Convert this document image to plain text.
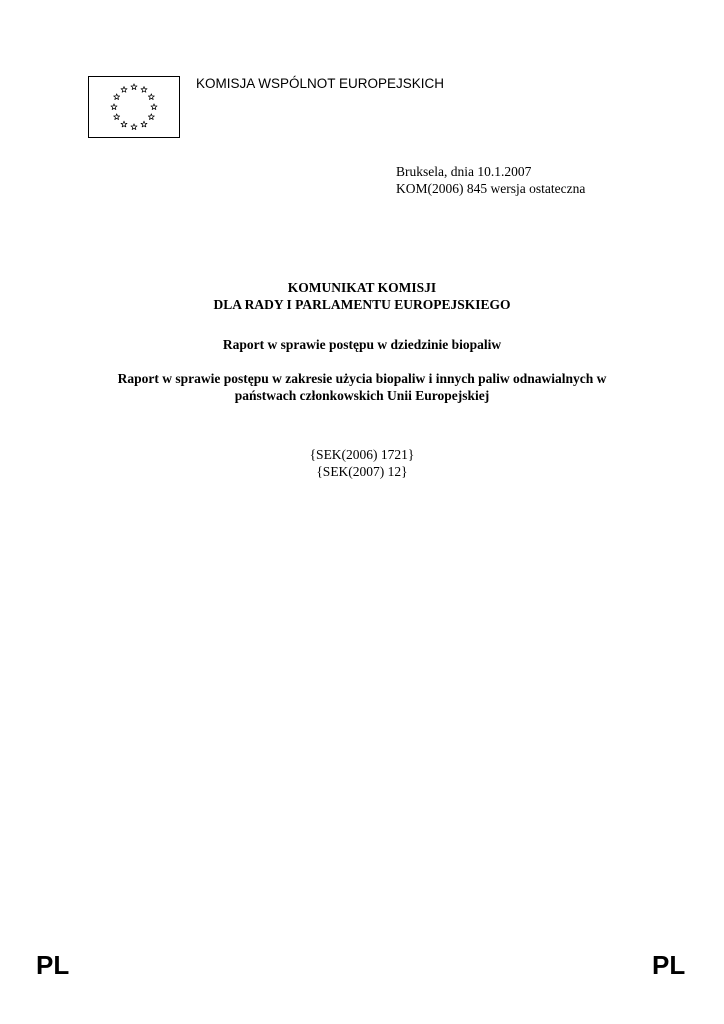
KOMISJA WSPÓLNOT EUROPEJSKICH
Bruksela, dnia 10.1.2007
KOM(2006) 845 wersja ostateczna
KOMUNIKAT KOMISJI
DLA RADY I PARLAMENTU EUROPEJSKIEGO
Raport w sprawie postępu w dziedzinie biopaliw
Raport w sprawie postępu w zakresie użycia biopaliw i innych paliw odnawialnych w
państwach członkowskich Unii Europejskiej
{SEK(2006) 1721}
{SEK(2007) 12}
PL	PL
